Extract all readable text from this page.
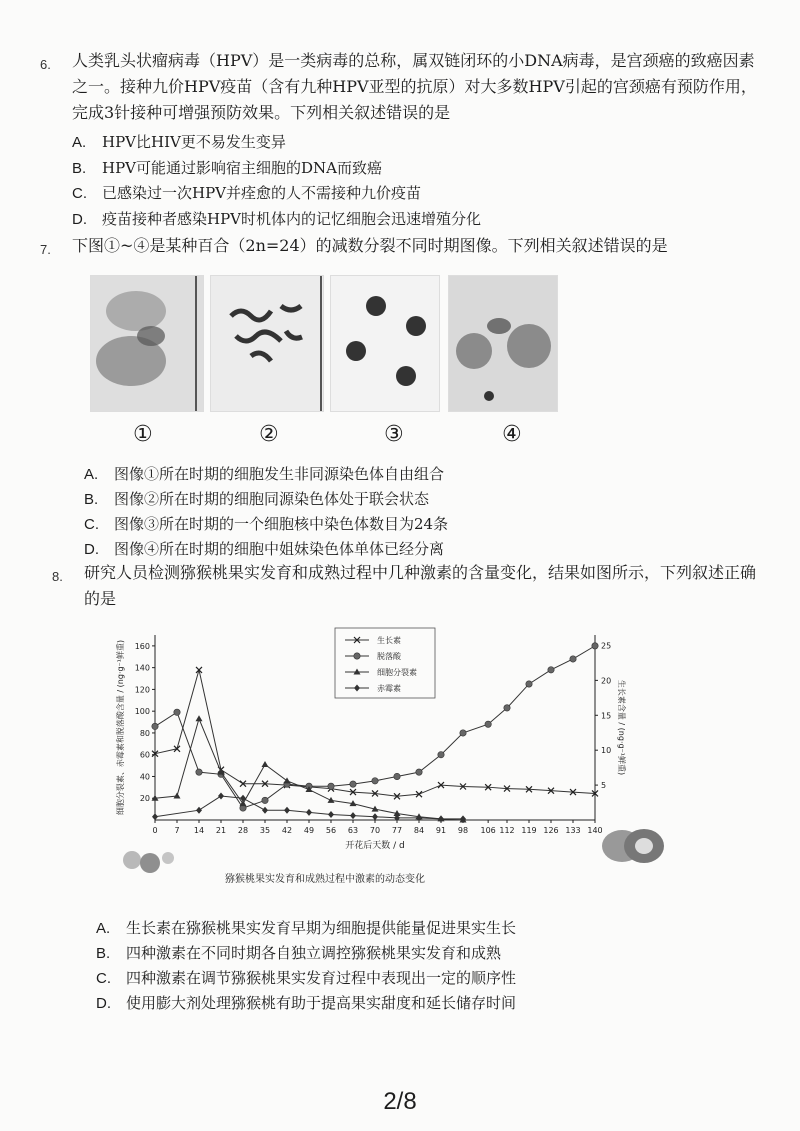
6. 人类乳头状瘤病毒（HPV）是一类病毒的总称，属双链闭环的小DNA病毒，是宫颈癌的致癌因素之一。接种九价HPV疫苗（含有九种HPV亚型的抗原）对大多数HPV引起的宫颈癌有预防作用，完成3针接种可增强预防效果。下列相关叙述错误的是
A. HPV比HIV更不易发生变异
B. HPV可能通过影响宿主细胞的DNA而致癌
C. 已感染过一次HPV并痊愈的人不需接种九价疫苗
D. 疫苗接种者感染HPV时机体内的记忆细胞会迅速增殖分化
7. 下图①~④是某种百合（2n=24）的减数分裂不同时期图像。下列相关叙述错误的是
①	②	③	④
A. 图像①所在时期的细胞发生非同源染色体自由组合
B. 图像②所在时期的细胞同源染色体处于联会状态
C. 图像③所在时期的一个细胞核中染色体数目为24条
D. 图像④所在时期的细胞中姐妹染色体单体已经分离
8. 研究人员检测猕猴桃果实发育和成熟过程中几种激素的含量变化，结果如图所示，下列叙述正确的是
0 7 14 21 28 35 42 49 56 63 70 77 84 91 98 106 112 119 126 133 140
20
40
60
80
100
120
140
160
5
10
15
20
25
开花后天数 / d
细胞分裂素、赤霉素和脱落酸含量 / (ng·g⁻¹鲜重)	生长素含量 / (ng·g⁻¹鲜重)
生长素
脱落酸
细胞分裂素
赤霉素
猕猴桃果实发育和成熟过程中激素的动态变化
A. 生长素在猕猴桃果实发育早期为细胞提供能量促进果实生长
B. 四种激素在不同时期各自独立调控猕猴桃果实发育和成熟
C. 四种激素在调节猕猴桃果实发育过程中表现出一定的顺序性
D. 使用膨大剂处理猕猴桃有助于提高果实甜度和延长储存时间
2/8
